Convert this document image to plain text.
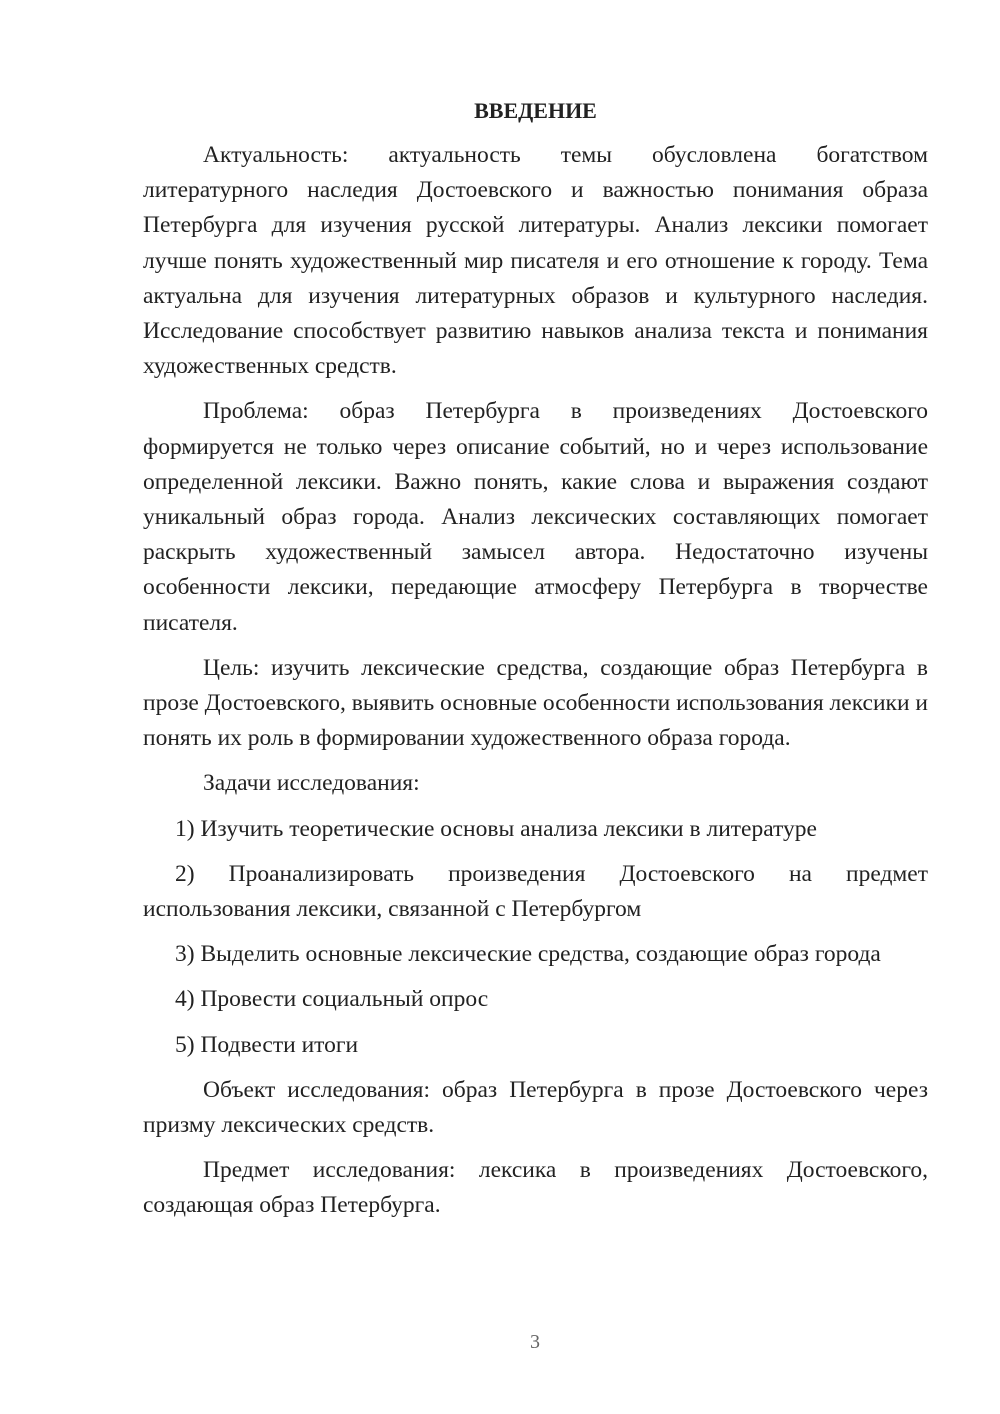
ВВЕДЕНИЕ

Актуальность: актуальность темы обусловлена богатством литературного наследия Достоевского и важностью понимания образа Петербурга для изучения русской литературы. Анализ лексики помогает лучше понять художественный мир писателя и его отношение к городу. Тема актуальна для изучения литературных образов и культурного наследия. Исследование способствует развитию навыков анализа текста и понимания художественных средств.

Проблема: образ Петербурга в произведениях Достоевского формируется не только через описание событий, но и через использование определенной лексики. Важно понять, какие слова и выражения создают уникальный образ города. Анализ лексических составляющих помогает раскрыть художественный замысел автора. Недостаточно изучены особенности лексики, передающие атмосферу Петербурга в творчестве писателя.

Цель: изучить лексические средства, создающие образ Петербурга в прозе Достоевского, выявить основные особенности использования лексики и понять их роль в формировании художественного образа города.

Задачи исследования:

1) Изучить теоретические основы анализа лексики в литературе

2) Проанализировать произведения Достоевского на предмет использования лексики, связанной с Петербургом

3) Выделить основные лексические средства, создающие образ города

4) Провести социальный опрос

5) Подвести итоги

Объект исследования: образ Петербурга в прозе Достоевского через призму лексических средств.

Предмет исследования: лексика в произведениях Достоевского, создающая образ Петербурга.

3
